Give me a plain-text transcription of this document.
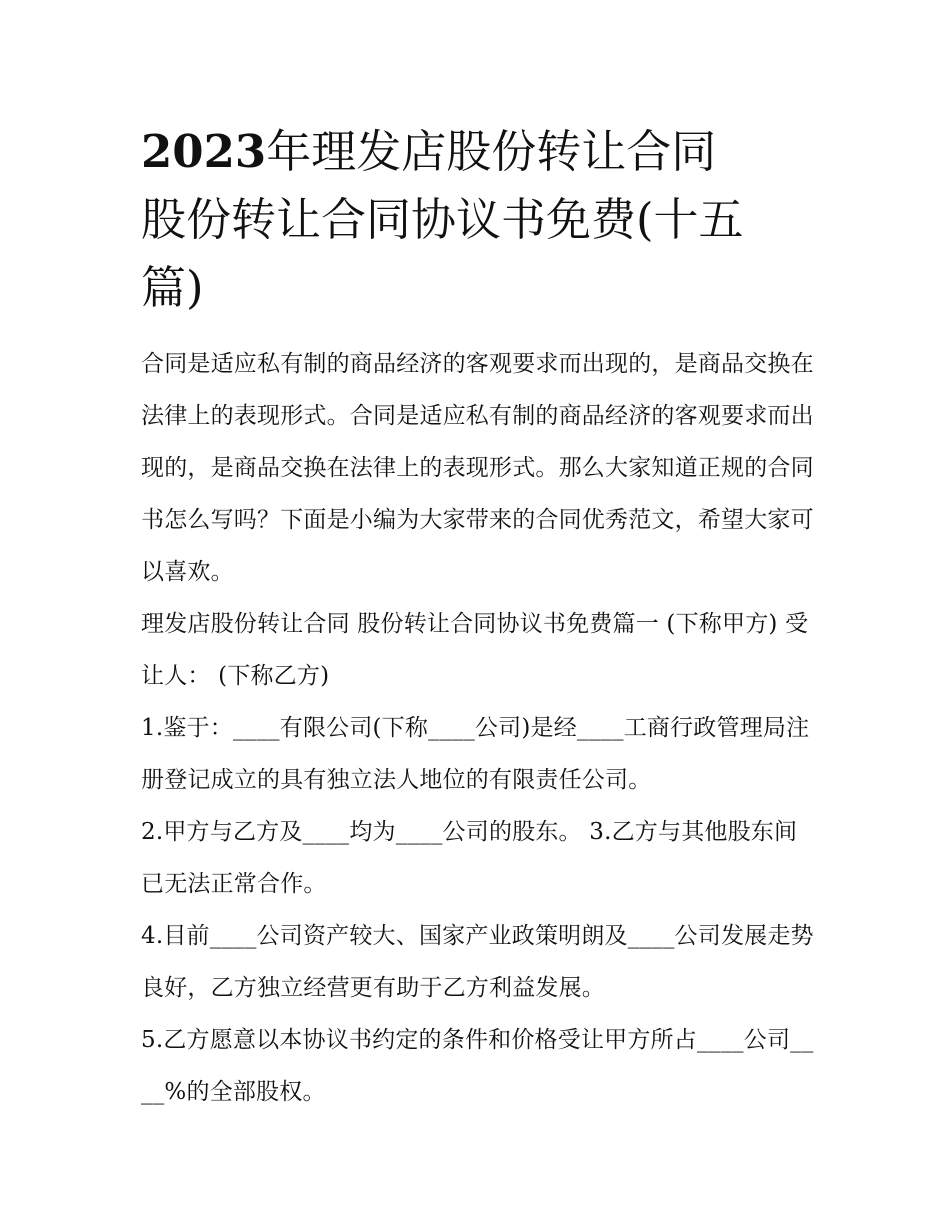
2023年理发店股份转让合同
股份转让合同协议书免费(十五
篇)

合同是适应私有制的商品经济的客观要求而出现的，是商品交换在法律上的表现形式。合同是适应私有制的商品经济的客观要求而出现的，是商品交换在法律上的表现形式。那么大家知道正规的合同书怎么写吗？下面是小编为大家带来的合同优秀范文，希望大家可以喜欢。

理发店股份转让合同 股份转让合同协议书免费篇一 (下称甲方) 受让人： (下称乙方)

1.鉴于：____有限公司(下称____公司)是经____工商行政管理局注册登记成立的具有独立法人地位的有限责任公司。

2.甲方与乙方及____均为____公司的股东。 3.乙方与其他股东间已无法正常合作。

4.目前____公司资产较大、国家产业政策明朗及____公司发展走势良好，乙方独立经营更有助于乙方利益发展。

5.乙方愿意以本协议书约定的条件和价格受让甲方所占____公司____%的全部股权。
